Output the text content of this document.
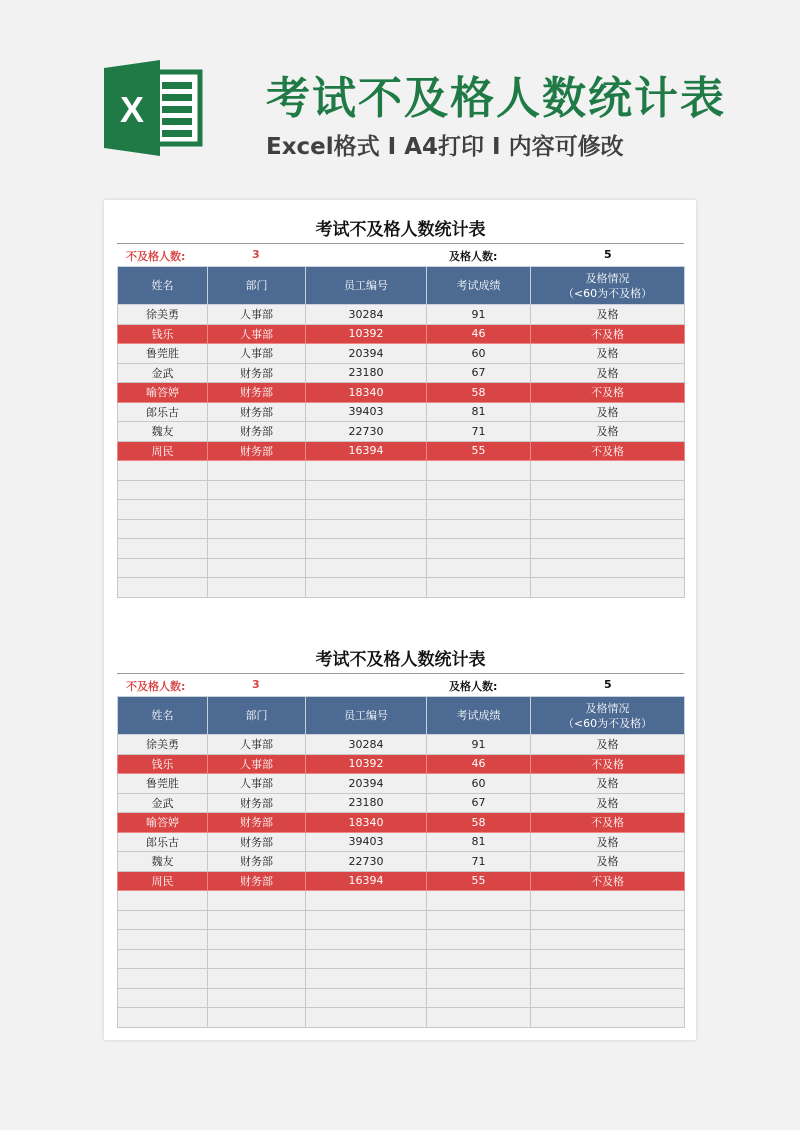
X	考试不及格人数统计表
Excel格式 Ⅰ A4打印 Ⅰ 内容可修改
考试不及格人数统计表
不及格人数:	3	及格人数:	5
姓名	部门	员工编号	考试成绩	及格情况
（<60为不及格）

徐美勇	人事部	30284	91	及格
钱乐	人事部	10392	46	不及格
鲁莞胜	人事部	20394	60	及格
金武	财务部	23180	67	及格
喻答婷	财务部	18340	58	不及格
郎乐古	财务部	39403	81	及格
魏友	财务部	22730	71	及格
周民	财务部	16394	55	不及格

考试不及格人数统计表
不及格人数:	3	及格人数:	5
姓名	部门	员工编号	考试成绩	及格情况
（<60为不及格）

徐美勇	人事部	30284	91	及格
钱乐	人事部	10392	46	不及格
鲁莞胜	人事部	20394	60	及格
金武	财务部	23180	67	及格
喻答婷	财务部	18340	58	不及格
郎乐古	财务部	39403	81	及格
魏友	财务部	22730	71	及格
周民	财务部	16394	55	不及格
